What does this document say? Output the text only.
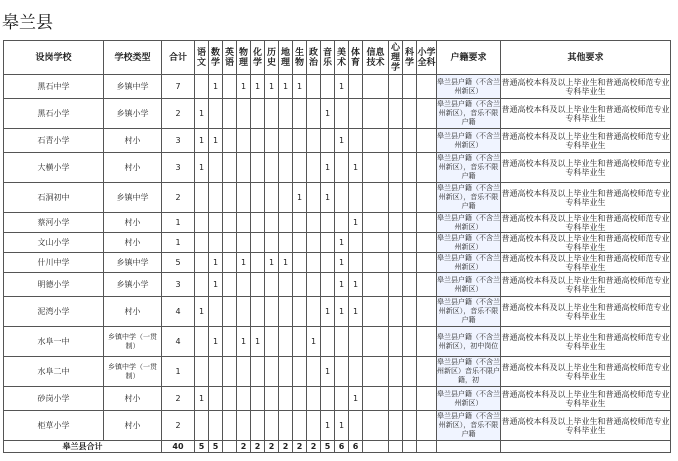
皋兰县
设岗学校	学校类型	合计	语文	数学	英语	物理	化学	历史	地理	生物	政治	音乐	美术	体育	信息技术	心理学	科学	小学全科	户籍要求	其他要求
黑石中学	乡镇中学	7		1		1	1	1	1	1			1						皋兰县户籍（不含兰州新区）	普通高校本科及以上毕业生和普通高校师范专业专科毕业生
黑石小学	乡镇小学	2	1									1							皋兰县户籍（不含兰州新区），音乐不限户籍	普通高校本科及以上毕业生和普通高校师范专业专科毕业生
石青小学	村小	3	1	1									1						皋兰县户籍（不含兰州新区）	普通高校本科及以上毕业生和普通高校师范专业专科毕业生
大横小学	村小	3	1									1		1					皋兰县户籍（不含兰州新区），音乐不限户籍	普通高校本科及以上毕业生和普通高校师范专业专科毕业生
石洞初中	乡镇中学	2								1		1							皋兰县户籍（不含兰州新区），音乐不限户籍	普通高校本科及以上毕业生和普通高校师范专业专科毕业生
蔡河小学	村小	1												1					皋兰县户籍（不含兰州新区）	普通高校本科及以上毕业生和普通高校师范专业专科毕业生
文山小学	村小	1											1						皋兰县户籍（不含兰州新区）	普通高校本科及以上毕业生和普通高校师范专业专科毕业生
什川中学	乡镇中学	5		1		1		1	1				1						皋兰县户籍（不含兰州新区）	普通高校本科及以上毕业生和普通高校师范专业专科毕业生
明德小学	乡镇小学	3		1									1	1					皋兰县户籍（不含兰州新区）	普通高校本科及以上毕业生和普通高校师范专业专科毕业生
泥湾小学	村小	4	1									1	1	1					皋兰县户籍（不含兰州新区），音乐不限户籍	普通高校本科及以上毕业生和普通高校师范专业专科毕业生
水阜一中	乡镇中学（一贯制）	4		1		1	1				1								皋兰县户籍（不含兰州新区），初中岗位	普通高校本科及以上毕业生和普通高校师范专业专科毕业生
水阜二中	乡镇中学（一贯制）	1										1							皋兰县户籍（不含兰州新区）音乐不限户籍，初	普通高校本科及以上毕业生和普通高校师范专业专科毕业生
砂岗小学	村小	2	1											1					皋兰县户籍（不含兰州新区）	普通高校本科及以上毕业生和普通高校师范专业专科毕业生
柜草小学	村小	2										1	1						皋兰县户籍（不含兰州新区），音乐不限户籍	普通高校本科及以上毕业生和普通高校师范专业专科毕业生
皋兰县合计		40	5	5		2	2	2	2	2	2	5	6	6						
